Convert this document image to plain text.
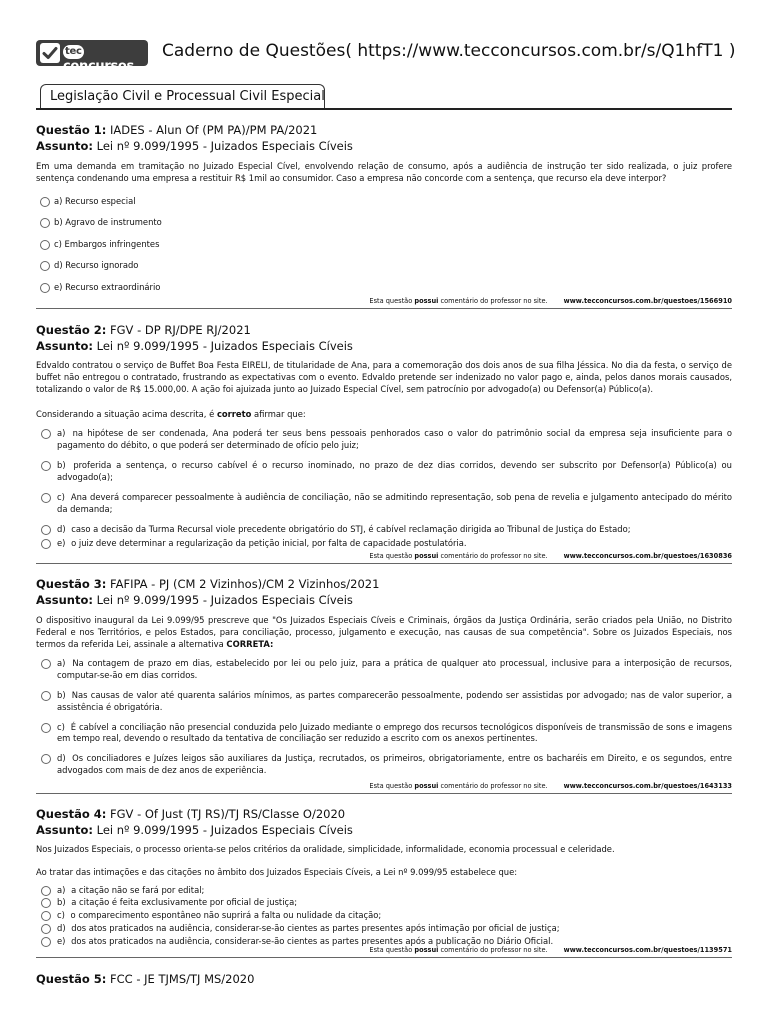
tecconcursos
Caderno de Questões( https://www.tecconcursos.com.br/s/Q1hfT1 )
Legislação Civil e Processual Civil Especial
Questão 1: IADES - Alun Of (PM PA)/PM PA/2021
Assunto: Lei nº 9.099/1995 - Juizados Especiais Cíveis
Em uma demanda em tramitação no Juizado Especial Cível, envolvendo relação de consumo, após a audiência de instrução ter sido realizada, o juiz profere sentença condenando uma empresa a restituir R$ 1mil ao consumidor. Caso a empresa não concorde com a sentença, que recurso ela deve interpor?
a) Recurso especial
b) Agravo de instrumento
c) Embargos infringentes
d) Recurso ignorado
e) Recurso extraordinário
Esta questão possui comentário do professor no site. www.tecconcursos.com.br/questoes/1566910
Questão 2: FGV - DP RJ/DPE RJ/2021
Assunto: Lei nº 9.099/1995 - Juizados Especiais Cíveis
Edvaldo contratou o serviço de Buffet Boa Festa EIRELI, de titularidade de Ana, para a comemoração dos dois anos de sua filha Jéssica. No dia da festa, o serviço de buffet não entregou o contratado, frustrando as expectativas com o evento. Edvaldo pretende ser indenizado no valor pago e, ainda, pelos danos morais causados, totalizando o valor de R$ 15.000,00. A ação foi ajuizada junto ao Juizado Especial Cível, sem patrocínio por advogado(a) ou Defensor(a) Público(a).
Considerando a situação acima descrita, é correto afirmar que:
a) na hipótese de ser condenada, Ana poderá ter seus bens pessoais penhorados caso o valor do patrimônio social da empresa seja insuficiente para o pagamento do débito, o que poderá ser determinado de ofício pelo juiz;
b) proferida a sentença, o recurso cabível é o recurso inominado, no prazo de dez dias corridos, devendo ser subscrito por Defensor(a) Público(a) ou advogado(a);
c) Ana deverá comparecer pessoalmente à audiência de conciliação, não se admitindo representação, sob pena de revelia e julgamento antecipado do mérito da demanda;
d) caso a decisão da Turma Recursal viole precedente obrigatório do STJ, é cabível reclamação dirigida ao Tribunal de Justiça do Estado;
e) o juiz deve determinar a regularização da petição inicial, por falta de capacidade postulatória.
Esta questão possui comentário do professor no site. www.tecconcursos.com.br/questoes/1630836
Questão 3: FAFIPA - PJ (CM 2 Vizinhos)/CM 2 Vizinhos/2021
Assunto: Lei nº 9.099/1995 - Juizados Especiais Cíveis
O dispositivo inaugural da Lei 9.099/95 prescreve que "Os Juizados Especiais Cíveis e Criminais, órgãos da Justiça Ordinária, serão criados pela União, no Distrito Federal e nos Territórios, e pelos Estados, para conciliação, processo, julgamento e execução, nas causas de sua competência". Sobre os Juizados Especiais, nos termos da referida Lei, assinale a alternativa CORRETA:
a) Na contagem de prazo em dias, estabelecido por lei ou pelo juiz, para a prática de qualquer ato processual, inclusive para a interposição de recursos, computar-se-ão em dias corridos.
b) Nas causas de valor até quarenta salários mínimos, as partes comparecerão pessoalmente, podendo ser assistidas por advogado; nas de valor superior, a assistência é obrigatória.
c) É cabível a conciliação não presencial conduzida pelo Juizado mediante o emprego dos recursos tecnológicos disponíveis de transmissão de sons e imagens em tempo real, devendo o resultado da tentativa de conciliação ser reduzido a escrito com os anexos pertinentes.
d) Os conciliadores e Juízes leigos são auxiliares da Justiça, recrutados, os primeiros, obrigatoriamente, entre os bacharéis em Direito, e os segundos, entre advogados com mais de dez anos de experiência.
Esta questão possui comentário do professor no site. www.tecconcursos.com.br/questoes/1643133
Questão 4: FGV - Of Just (TJ RS)/TJ RS/Classe O/2020
Assunto: Lei nº 9.099/1995 - Juizados Especiais Cíveis
Nos Juizados Especiais, o processo orienta-se pelos critérios da oralidade, simplicidade, informalidade, economia processual e celeridade.
Ao tratar das intimações e das citações no âmbito dos Juizados Especiais Cíveis, a Lei nº 9.099/95 estabelece que:
a) a citação não se fará por edital;
b) a citação é feita exclusivamente por oficial de justiça;
c) o comparecimento espontâneo não suprirá a falta ou nulidade da citação;
d) dos atos praticados na audiência, considerar-se-ão cientes as partes presentes após intimação por oficial de justiça;
e) dos atos praticados na audiência, considerar-se-ão cientes as partes presentes após a publicação no Diário Oficial.
Esta questão possui comentário do professor no site. www.tecconcursos.com.br/questoes/1139571
Questão 5: FCC - JE TJMS/TJ MS/2020
